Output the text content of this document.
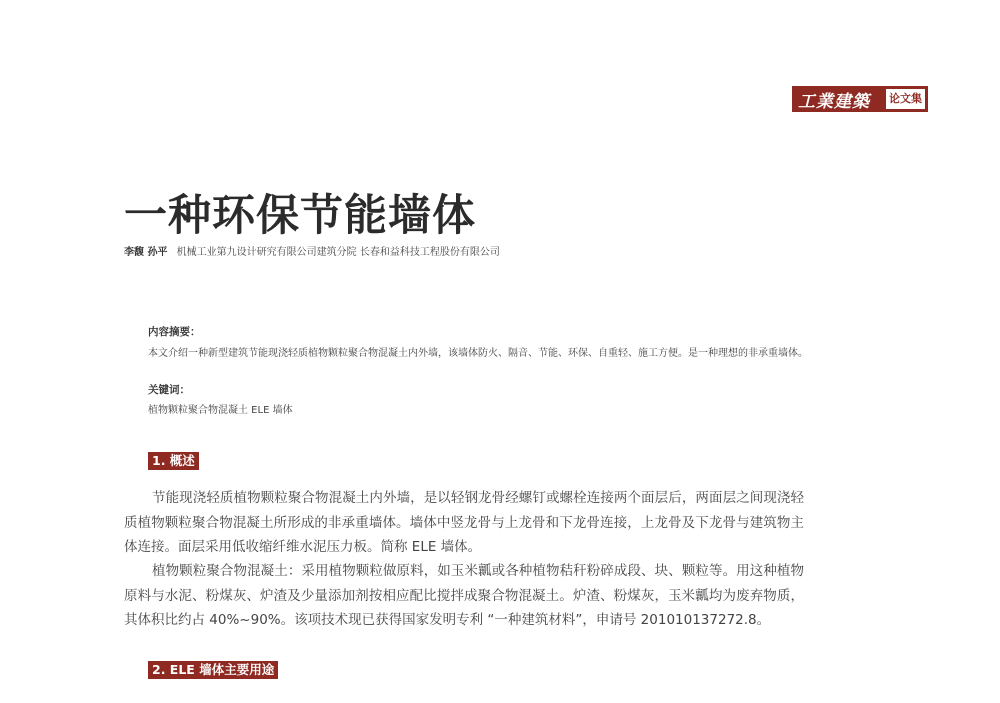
工業建築 论文集
一种环保节能墙体
李馥 孙平 机械工业第九设计研究有限公司建筑分院 长春和益科技工程股份有限公司
内容摘要：

本文介绍一种新型建筑节能现浇轻质植物颗粒聚合物混凝土内外墙，该墙体防火、隔音、节能、环保、自重轻、施工方便。是一种理想的非承重墙体。

关键词：
植物颗粒聚合物混凝土 ELE 墙体
1. 概述

节能现浇轻质植物颗粒聚合物混凝土内外墙，是以轻钢龙骨经螺钉或螺栓连接两个面层后，两面层之间现浇轻质植物颗粒聚合物混凝土所形成的非承重墙体。墙体中竖龙骨与上龙骨和下龙骨连接，上龙骨及下龙骨与建筑物主体连接。面层采用低收缩纤维水泥压力板。简称 ELE 墙体。

植物颗粒聚合物混凝土：采用植物颗粒做原料，如玉米瓤或各种植物秸秆粉碎成段、块、颗粒等。用这种植物原料与水泥、粉煤灰、炉渣及少量添加剂按相应配比搅拌成聚合物混凝土。炉渣、粉煤灰，玉米瓤均为废弃物质，其体积比约占 40%~90%。该项技术现已获得国家发明专利 “一种建筑材料”，申请号 201010137272.8。

2. ELE 墙体主要用途
